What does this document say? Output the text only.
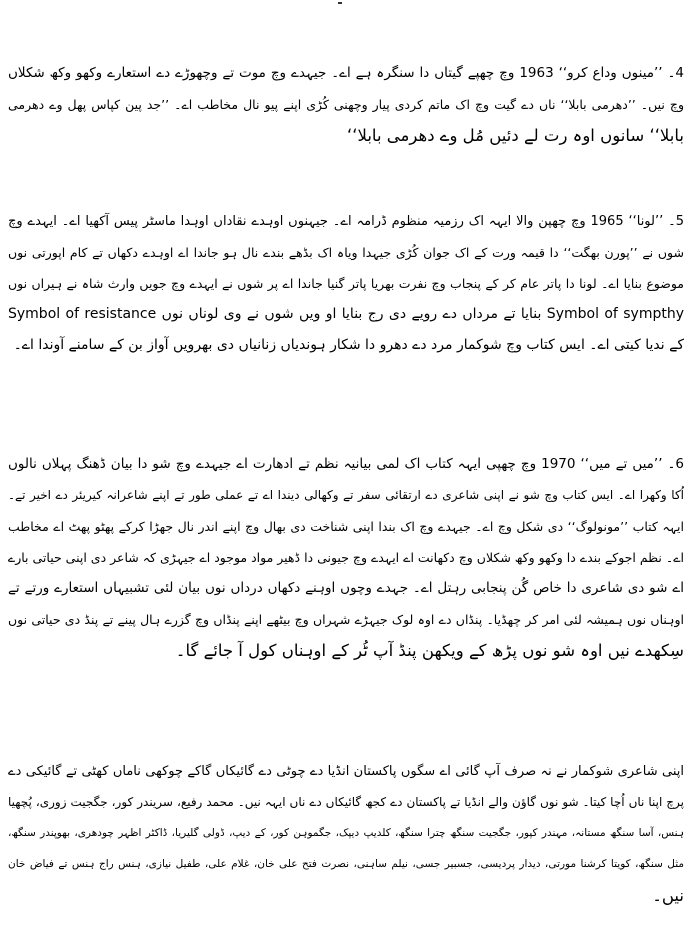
4۔ ’’مینوں وداع کرو‘‘ 1963 وچ چھپے گیتاں دا سنگرہ ہے اے۔ جیہدے وچ موت تے وچھوڑے دے استعارے وکھو وکھ شکلاں
وچ نیں۔ ’’دھرمی بابلا‘‘ ناں دے گیت وچ اک ماتم کردی پیار وچھنی کُڑی اپنے پیو نال مخاطب اے۔ ’’جد پین کپاس پھل وے دھرمی
بابلا‘‘ سانوں اوہ رت لے دئیں مُل وے دھرمی بابلا‘‘
5۔ ’’لونا‘‘ 1965 وچ چھپن والا ایہہ اک رزمیہ منظوم ڈرامہ اے۔ جیہنوں اوہدے نقاداں اوہدا ماسٹر پیس آکھیا اے۔ ایہدے وچ
شوں نے ’’پورن بھگت‘‘ دا قیمہ ورت کے اک جوان کُڑی جیہدا ویاہ اک بڈھے بندے نال ہو جاندا اے اوہدے دکھاں تے کام اپورتی نوں
موضوع بنایا اے۔ لونا دا پاتر عام کر کے پنجاب وچ نفرت بھریا پاتر گنیا جاندا اے پر شوں نے ایہدے وچ جویں وارث شاہ نے ہیراں نوں
Symbol of resistance بنایا تے مرداں دے رویے دی رج بنایا او ویں شوں نے وی لوناں نوں Symbol of sympthy
کے ندیا کیتی اے۔ ایس کتاب وچ شوکمار مرد دے دھرو دا شکار ہوندیاں زنانیاں دی بھرویں آواز بن کے سامنے آوندا اے۔
6۔ ’’میں تے میں‘‘ 1970 وچ چھپی ایہہ کتاب اک لمی بیانیہ نظم تے ادھارت اے جیہدے وچ شو دا بیان ڈھنگ پہلاں نالوں
اُکا وکھرا اے۔ ایس کتاب وچ شو نے اپنی شاعری دے ارتقائی سفر تے وکھالی دیندا اے تے عملی طور تے اپنے شاعرانہ کیریئر دے اخیر تے۔
ایہہ کتاب ’’مونولوگ‘‘ دی شکل وچ اے۔ جیہدے وچ اک بندا اپنی شناخت دی بھال وچ اپنے اندر نال جھڑا کرکے پھٹو پھٹ اے مخاطب
اے۔ نظم اجوکے بندے دا وکھو وکھ شکلاں وچ دکھانت اے ایہدے وچ جیونی دا ڈھیر مواد موجود اے جیہڑی کہ شاعر دی اپنی حیاتی بارے
اے شو دی شاعری دا خاص گُن پنجابی رہتل اے۔ جہدے وچوں اوہنے دکھاں درداں نوں بیان لئی تشبیہاں استعارے ورتے تے
اوہناں نوں ہمیشہ لئی امر کر چھڈیا۔ پنڈاں دے اوہ لوک جیہڑے شہراں وچ بیٹھے اپنے پنڈاں وچ گزرے ہال پینے تے پنڈ دی حیاتی نوں
سِکھدے نیں اوہ شو نوں پڑھ کے ویکھن پنڈ آپ ٹُر کے اوہناں کول آ جائے گا۔
اپنی شاعری شوکمار نے نہ صرف آپ گائی اے سگوں پاکستان انڈیا دے چوٹی دے گائیکاں گاکے چوکھی ناماں کھٹی تے گائیکی دے
پرچ اپنا ناں اُچا کیتا۔ شو نوں گاؤن والے انڈیا تے پاکستان دے کجھ گائیکاں دے ناں ایہہ نیں۔ محمد رفیع، سریندر کور، جگجیت زوری، پُچھیا
ہنس، آسا سنگھ مستانہ، مہندر کپور، جگجیت سنگھ چترا سنگھ، کلدیپ دیپک، جگموہن کور، کے دیپ، ڈولی گلیریا، ڈاکٹر اظہر چودھری، بھوپندر سنگھ،
مثل سنگھ، کویتا کرشنا مورتی، دیدار پردیسی، جسبیر جسی، نیلم ساہنی، نصرت فتح علی خان، غلام علی، طفیل نیازی، ہنس راج ہنس تے فیاض خان
نیں۔
